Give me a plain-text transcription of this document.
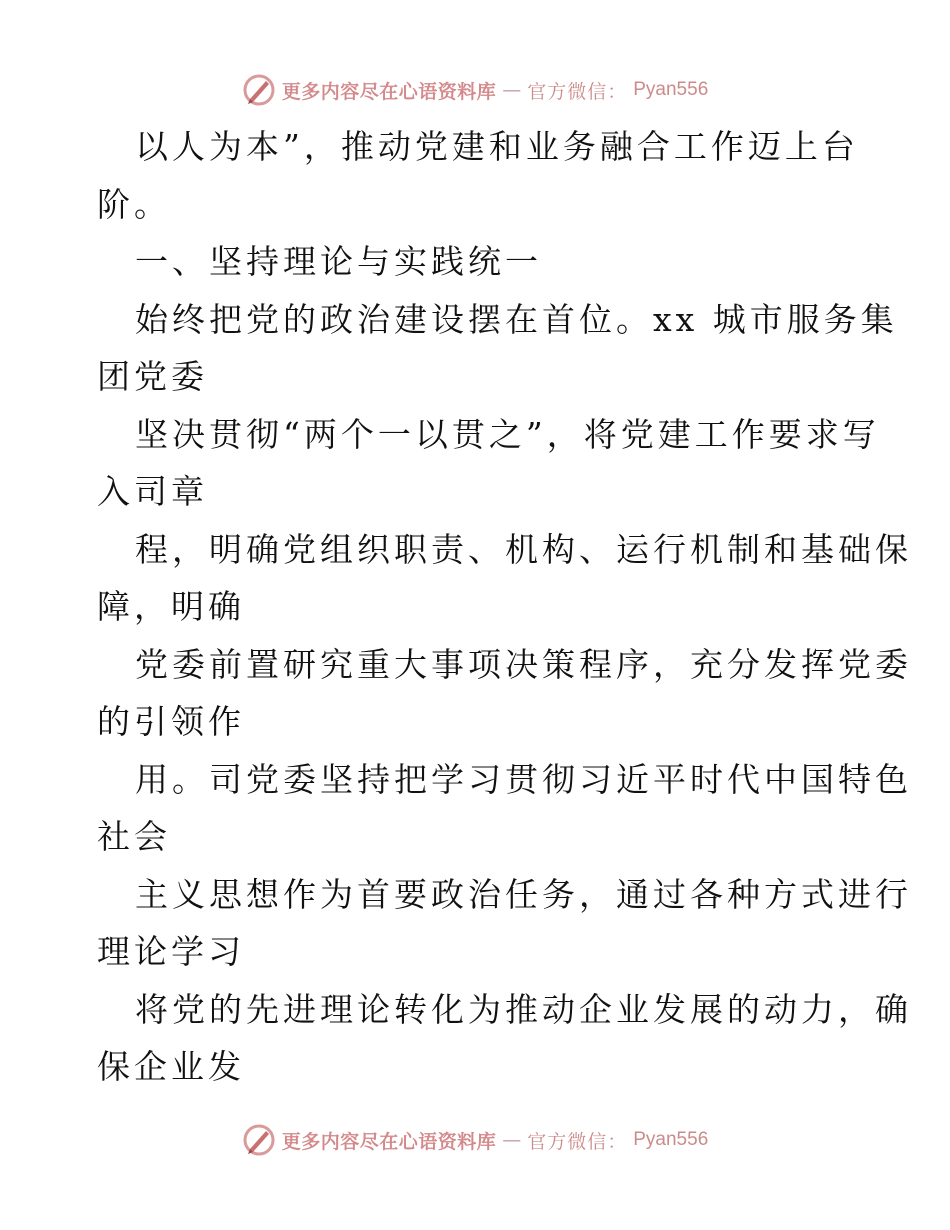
更多内容尽在心语资料库 — 官方微信： Pyan556
以人为本”，推动党建和业务融合工作迈上台
阶。
一、坚持理论与实践统一
始终把党的政治建设摆在首位。xx 城市服务集
团党委
坚决贯彻“两个一以贯之”，将党建工作要求写
入司章
程，明确党组织职责、机构、运行机制和基础保
障，明确
党委前置研究重大事项决策程序，充分发挥党委
的引领作
用。司党委坚持把学习贯彻习近平时代中国特色
社会
主义思想作为首要政治任务，通过各种方式进行
理论学习
将党的先进理论转化为推动企业发展的动力，确
保企业发
更多内容尽在心语资料库 — 官方微信： Pyan556
